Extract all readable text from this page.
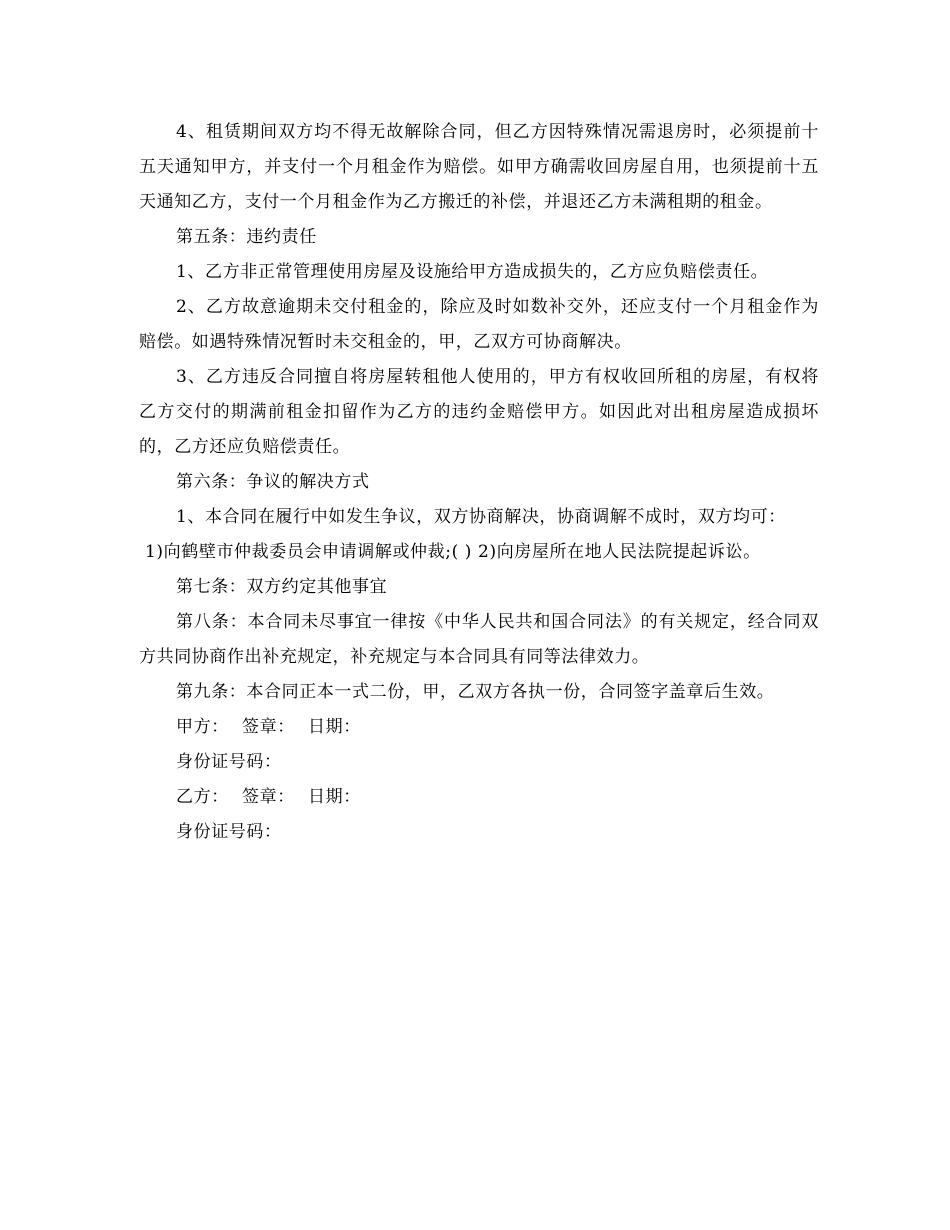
4、租赁期间双方均不得无故解除合同，但乙方因特殊情况需退房时，必须提前十五天通知甲方，并支付一个月租金作为赔偿。如甲方确需收回房屋自用，也须提前十五天通知乙方，支付一个月租金作为乙方搬迁的补偿，并退还乙方未满租期的租金。

第五条：违约责任

1、乙方非正常管理使用房屋及设施给甲方造成损失的，乙方应负赔偿责任。

2、乙方故意逾期未交付租金的，除应及时如数补交外，还应支付一个月租金作为赔偿。如遇特殊情况暂时未交租金的，甲，乙双方可协商解决。

3、乙方违反合同擅自将房屋转租他人使用的，甲方有权收回所租的房屋，有权将乙方交付的期满前租金扣留作为乙方的违约金赔偿甲方。如因此对出租房屋造成损坏的，乙方还应负赔偿责任。

第六条：争议的解决方式

1、本合同在履行中如发生争议，双方协商解决，协商调解不成时，双方均可：

1)向鹤壁市仲裁委员会申请调解或仲裁;( ) 2)向房屋所在地人民法院提起诉讼。

第七条：双方约定其他事宜

第八条：本合同未尽事宜一律按《中华人民共和国合同法》的有关规定，经合同双方共同协商作出补充规定，补充规定与本合同具有同等法律效力。

第九条：本合同正本一式二份，甲，乙双方各执一份，合同签字盖章后生效。

甲方： 签章： 日期：

身份证号码：

乙方： 签章： 日期：

身份证号码：
